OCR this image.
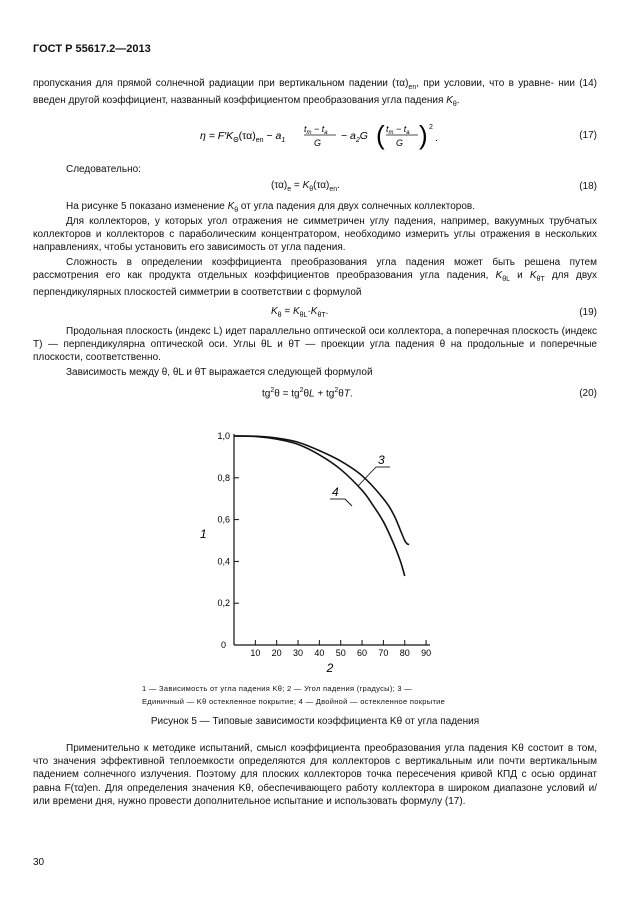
ГОСТ Р 55617.2—2013
пропускания для прямой солнечной радиации при вертикальном падении $(\tau\alpha)_{en}$, при условии, что в уравне- нии (14) введен другой коэффициент, названный коэффициентом преобразования угла падения $K_\theta$.
$\eta = F'K_\Theta(\tau\alpha)_{en} - a_1$
$t_m - t_a$
G
− $a_2G$ ( $t_m - t_a$
G ) 2
.	(17)
Следовательно:
$(\tau\alpha)_e = K_\theta(\tau\alpha)_{en}$.	(18)
На рисунке 5 показано изменение $K_\theta$ от угла падения для двух солнечных коллекторов.
Для коллекторов, у которых угол отражения не симметричен углу падения, например, вакуумных трубчатых коллекторов и коллекторов с параболическим концентратором, необходимо измерить углы отражения в нескольких направлениях, чтобы установить его зависимость от угла падения.
Сложность в определении коэффициента преобразования угла падения может быть решена путем рассмотрения его как продукта отдельных коэффициентов преобразования угла падения, $K_{\theta L}$ и $K_{\theta T}$ для двух перпендикулярных плоскостей симметрии в соответствии с формулой
$K_\theta = K_{\theta L}\cdot K_{\theta T}$.	(19)
Продольная плоскость (индекс L) идет параллельно оптической оси коллектора, а поперечная плоскость (индекс T) — перпендикулярна оптической оси. Углы θL и θT — проекции угла падения θ на продольные и поперечные плоскости, соответственно.
Зависимость между θ, θL и θT выражается следующей формулой
$tg^2\theta = tg^2\theta L + tg^2\theta T$.	(20)
10 20 30 40 50 60 70 80 90
0,2
0,4
0,6
0,8
1,0
0
3
4
1
2
1 — Зависимость от угла падения Kθ; 2 — Угол падения (градусы); 3 —
Единичный — Kθ остекленное покрытие; 4 — Двойной — остекленное покрытие
Рисунок 5 — Типовые зависимости коэффициента Kθ от угла падения
Применительно к методике испытаний, смысл коэффициента преобразования угла падения Kθ состоит в том, что значения эффективной теплоемкости определяются для коллекторов с вертикальным или почти вертикальным падением солнечного излучения. Поэтому для плоских коллекторов точка пересечения кривой КПД с осью ординат равна F(τα)en. Для определения значения Kθ, обеспечивающего работу коллектора в широком диапазоне условий и/или времени дня, нужно провести дополнительное испытание и использовать формулу (17).
30
